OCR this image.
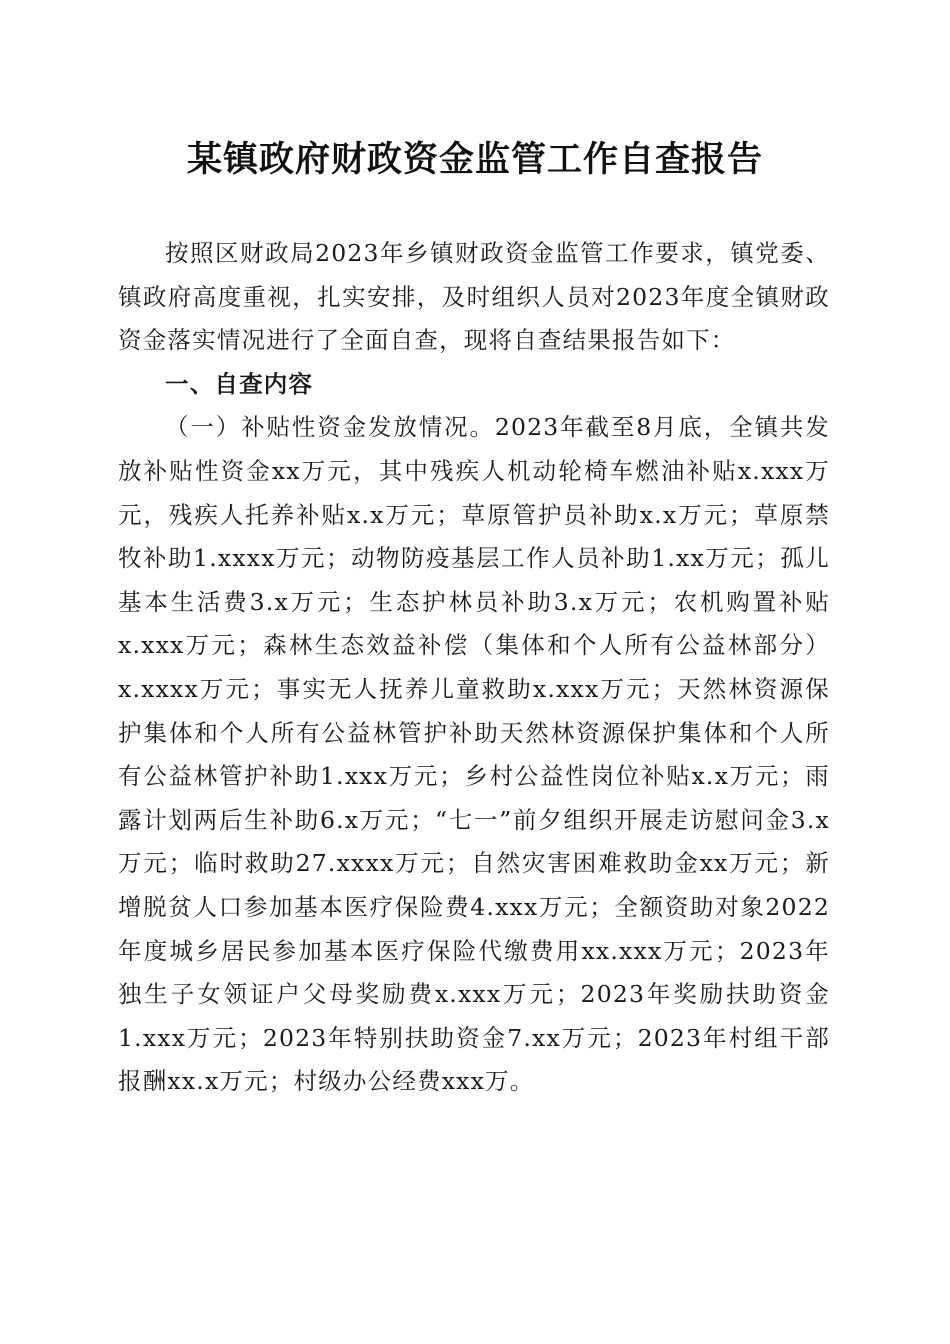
某镇政府财政资金监管工作自查报告

按照区财政局2023年乡镇财政资金监管工作要求，镇党委、镇政府高度重视，扎实安排，及时组织人员对2023年度全镇财政资金落实情况进行了全面自查，现将自查结果报告如下：

一、自查内容

（一）补贴性资金发放情况。2023年截至8月底，全镇共发放补贴性资金xx万元，其中残疾人机动轮椅车燃油补贴x.xxx万元，残疾人托养补贴x.x万元；草原管护员补助x.x万元；草原禁牧补助1.xxxx万元；动物防疫基层工作人员补助1.xx万元；孤儿基本生活费3.x万元；生态护林员补助3.x万元；农机购置补贴x.xxx万元；森林生态效益补偿（集体和个人所有公益林部分）x.xxxx万元；事实无人抚养儿童救助x.xxx万元；天然林资源保护集体和个人所有公益林管护补助天然林资源保护集体和个人所有公益林管护补助1.xxx万元；乡村公益性岗位补贴x.x万元；雨露计划两后生补助6.x万元；“七一”前夕组织开展走访慰问金3.x万元；临时救助27.xxxx万元；自然灾害困难救助金xx万元；新增脱贫人口参加基本医疗保险费4.xxx万元；全额资助对象2022年度城乡居民参加基本医疗保险代缴费用xx.xxx万元；2023年独生子女领证户父母奖励费x.xxx万元；2023年奖励扶助资金1.xxx万元；2023年特别扶助资金7.xx万元；2023年村组干部报酬xx.x万元；村级办公经费xxx万。
